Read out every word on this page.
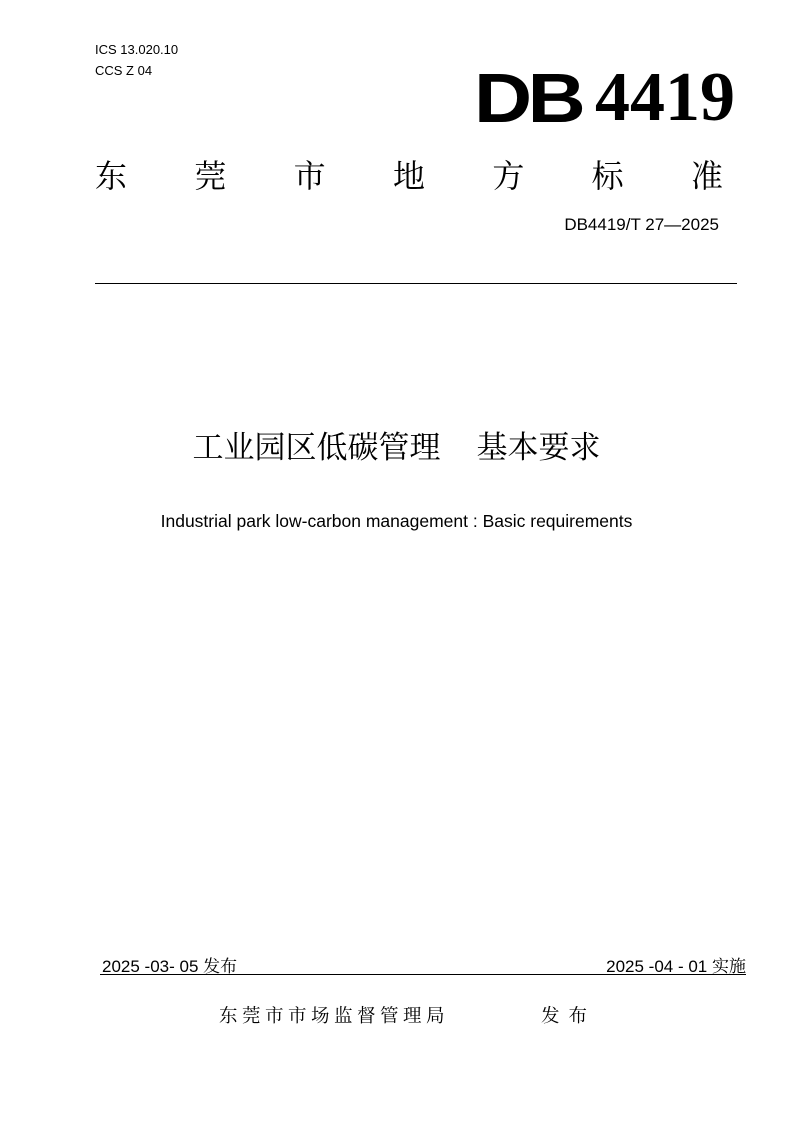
ICS 13.020.10
CCS Z 04	DB 4419
东 莞 市 地 方 标 准
DB4419/T 27—2025
工业园区低碳管理 基本要求
Industrial park low-carbon management : Basic requirements
2025 -03- 05 发布	2025 -04 - 01 实施
东莞市市场监督管理局	发布
